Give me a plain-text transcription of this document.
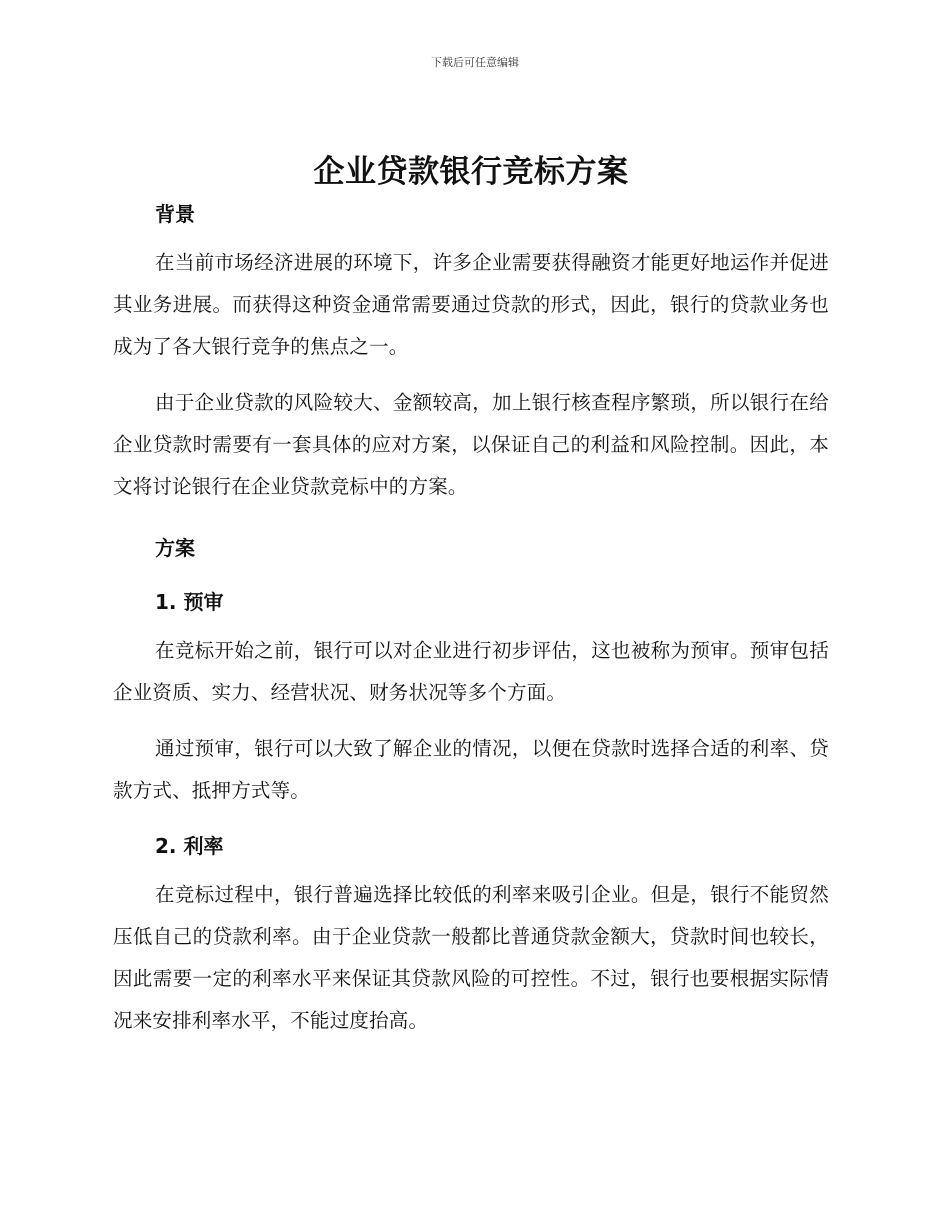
下载后可任意编辑
企业贷款银行竞标方案
背景

在当前市场经济进展的环境下，许多企业需要获得融资才能更好地运作并促进其业务进展。而获得这种资金通常需要通过贷款的形式，因此，银行的贷款业务也成为了各大银行竞争的焦点之一。

由于企业贷款的风险较大、金额较高，加上银行核查程序繁琐，所以银行在给企业贷款时需要有一套具体的应对方案，以保证自己的利益和风险控制。因此，本文将讨论银行在企业贷款竞标中的方案。

方案
1. 预审

在竞标开始之前，银行可以对企业进行初步评估，这也被称为预审。预审包括企业资质、实力、经营状况、财务状况等多个方面。

通过预审，银行可以大致了解企业的情况，以便在贷款时选择合适的利率、贷款方式、抵押方式等。

2. 利率

在竞标过程中，银行普遍选择比较低的利率来吸引企业。但是，银行不能贸然压低自己的贷款利率。由于企业贷款一般都比普通贷款金额大，贷款时间也较长，因此需要一定的利率水平来保证其贷款风险的可控性。不过，银行也要根据实际情况来安排利率水平，不能过度抬高。
